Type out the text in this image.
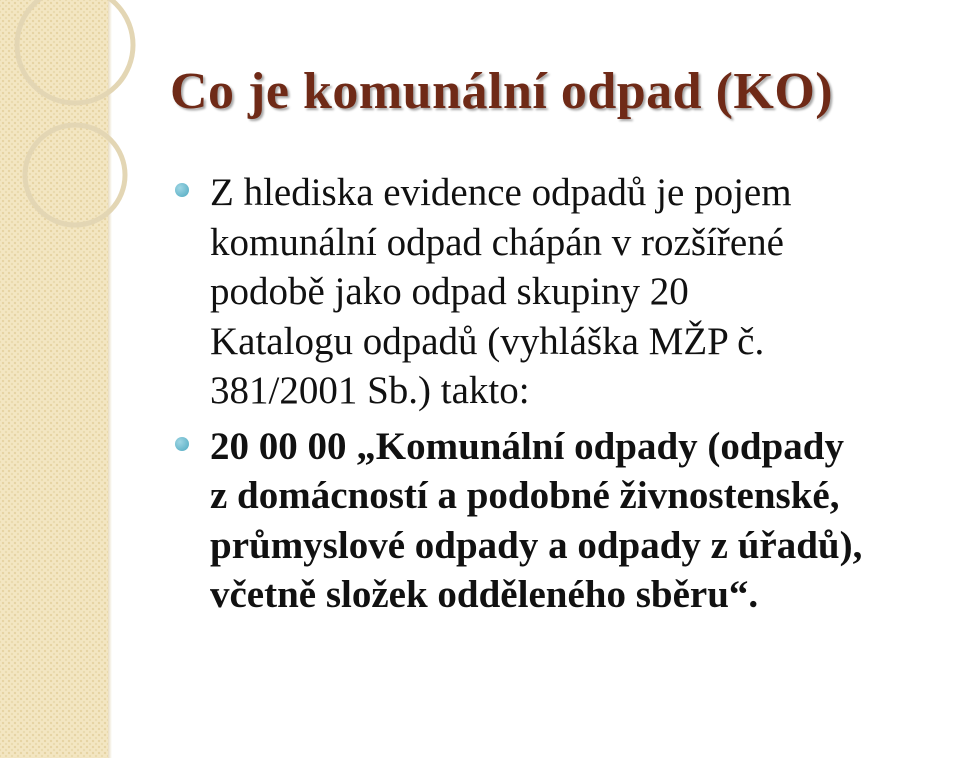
Co je komunální odpad (KO)
Z hlediska evidence odpadů je pojem
komunální odpad chápán v rozšířené
podobě jako odpad skupiny 20
Katalogu odpadů (vyhláška MŽP č.
381/2001 Sb.) takto:
20 00 00 „Komunální odpady (odpady
z domácností a podobné živnostenské,
průmyslové odpady a odpady z úřadů),
včetně složek odděleného sběru“.
